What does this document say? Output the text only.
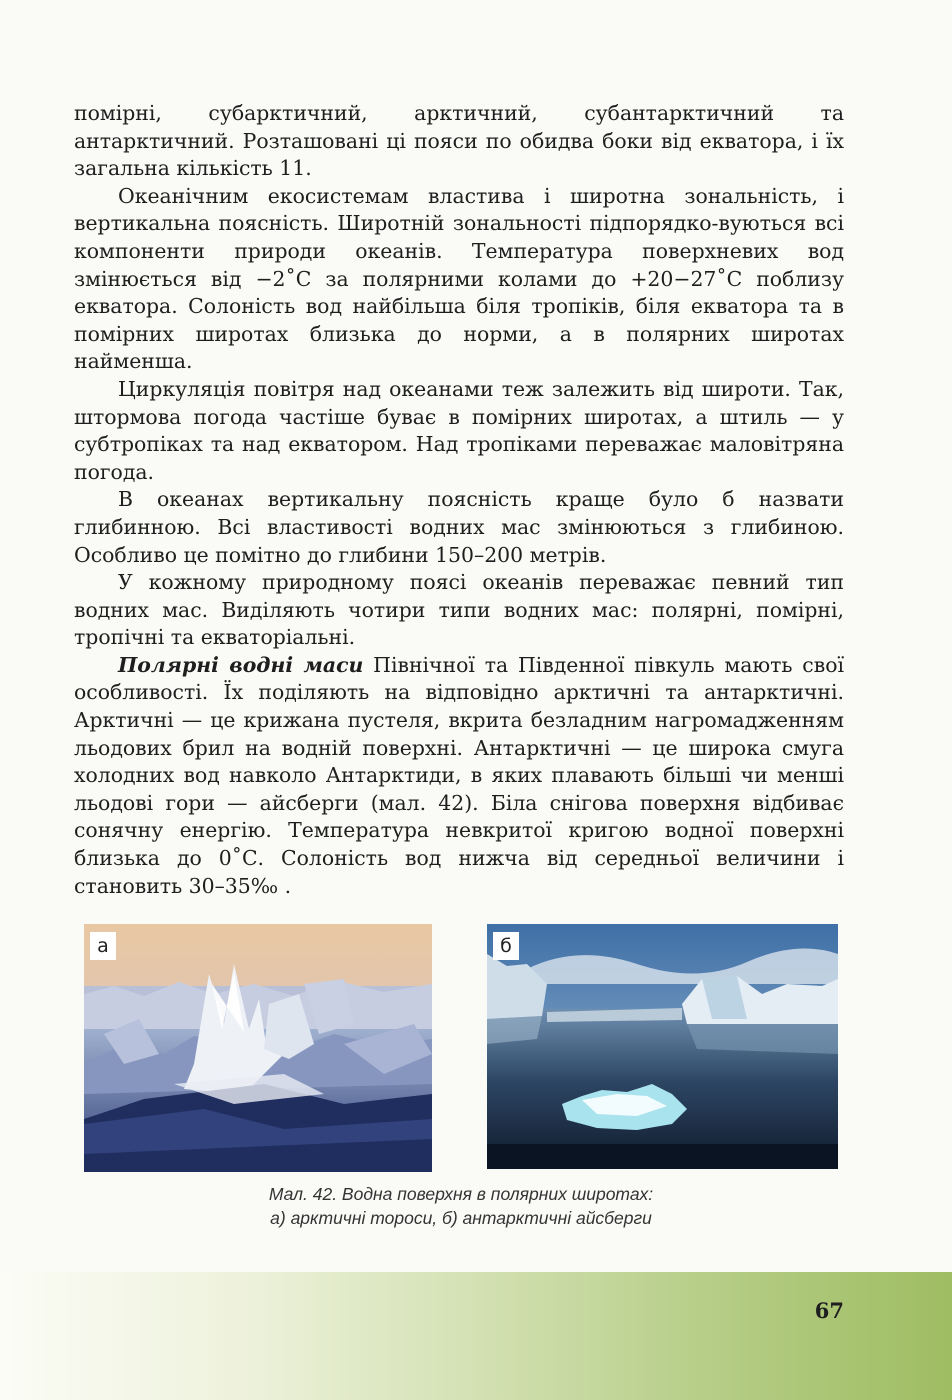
помірні, субарктичний, арктичний, субантарктичний та антарктичний. Розташовані ці пояси по обидва боки від екватора, і їх загальна кількість 11.

Океанічним екосистемам властива і широтна зональність, і вертикальна поясність. Широтній зональності підпорядко-вуються всі компоненти природи океанів. Температура поверхневих вод змінюється від −2˚С за полярними колами до +20−27˚С поблизу екватора. Солоність вод найбільша біля тропіків, біля екватора та в помірних широтах близька до норми, а в полярних широтах найменша.

Циркуляція повітря над океанами теж залежить від широти. Так, штормова погода частіше буває в помірних широтах, а штиль — у субтропіках та над екватором. Над тропіками переважає маловітряна погода.

В океанах вертикальну поясність краще було б назвати глибинною. Всі властивості водних мас змінюються з глибиною. Особливо це помітно до глибини 150–200 метрів.

У кожному природному поясі океанів переважає певний тип водних мас. Виділяють чотири типи водних мас: полярні, помірні, тропічні та екваторіальні.

Полярні водні маси Північної та Південної півкуль мають свої особливості. Їх поділяють на відповідно арктичні та антарктичні. Арктичні — це крижана пустеля, вкрита безладним нагромадженням льодових брил на водній поверхні. Антарктичні — це широка смуга холодних вод навколо Антарктиди, в яких плавають більші чи менші льодові гори — айсберги (мал. 42). Біла снігова поверхня відбиває сонячну енергію. Температура невкритої кригою водної поверхні близька до 0˚С. Солоність вод нижча від середньої величини і становить 30–35‰ .

а	б
Мал. 42. Водна поверхня в полярних широтах:
а) арктичні тороси, б) антарктичні айсберги
67
